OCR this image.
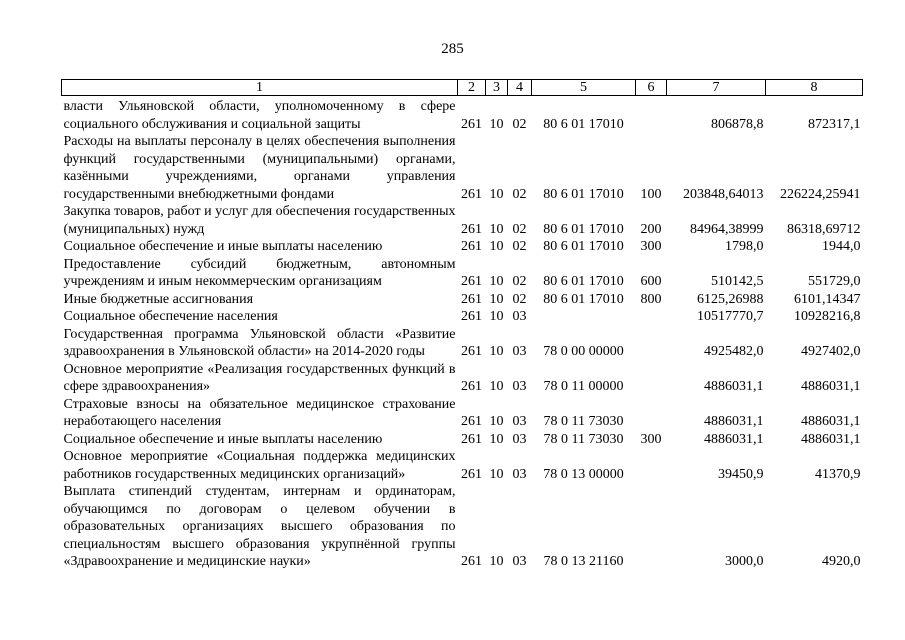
285
1	2	3	4	5	6	7	8
власти Ульяновской области, уполномоченному в сфере социального обслуживания и социальной защиты	261	10	02	80 6 01 17010		806878,8	872317,1
Расходы на выплаты персоналу в целях обеспечения выполнения функций государственными (муниципальными) органами, казёнными учреждениями, органами управления государственными внебюджетными фондами	261	10	02	80 6 01 17010	100	203848,64013	226224,25941
Закупка товаров, работ и услуг для обеспечения государственных (муниципальных) нужд	261	10	02	80 6 01 17010	200	84964,38999	86318,69712
Социальное обеспечение и иные выплаты населению	261	10	02	80 6 01 17010	300	1798,0	1944,0
Предоставление субсидий бюджетным, автономным учреждениям и иным некоммерческим организациям	261	10	02	80 6 01 17010	600	510142,5	551729,0
Иные бюджетные ассигнования	261	10	02	80 6 01 17010	800	6125,26988	6101,14347
Социальное обеспечение населения	261	10	03			10517770,7	10928216,8
Государственная программа Ульяновской области «Развитие здравоохранения в Ульяновской области» на 2014-2020 годы	261	10	03	78 0 00 00000		4925482,0	4927402,0
Основное мероприятие «Реализация государственных функций в сфере здравоохранения»	261	10	03	78 0 11 00000		4886031,1	4886031,1
Страховые взносы на обязательное медицинское страхование неработающего населения	261	10	03	78 0 11 73030		4886031,1	4886031,1
Социальное обеспечение и иные выплаты населению	261	10	03	78 0 11 73030	300	4886031,1	4886031,1
Основное мероприятие «Социальная поддержка медицинских работников государственных медицинских организаций»	261	10	03	78 0 13 00000		39450,9	41370,9
Выплата стипендий студентам, интернам и ординаторам, обучающимся по договорам о целевом обучении в образовательных организациях высшего образования по специальностям высшего образования укрупнённой группы «Здравоохранение и медицинские науки»	261	10	03	78 0 13 21160		3000,0	4920,0
